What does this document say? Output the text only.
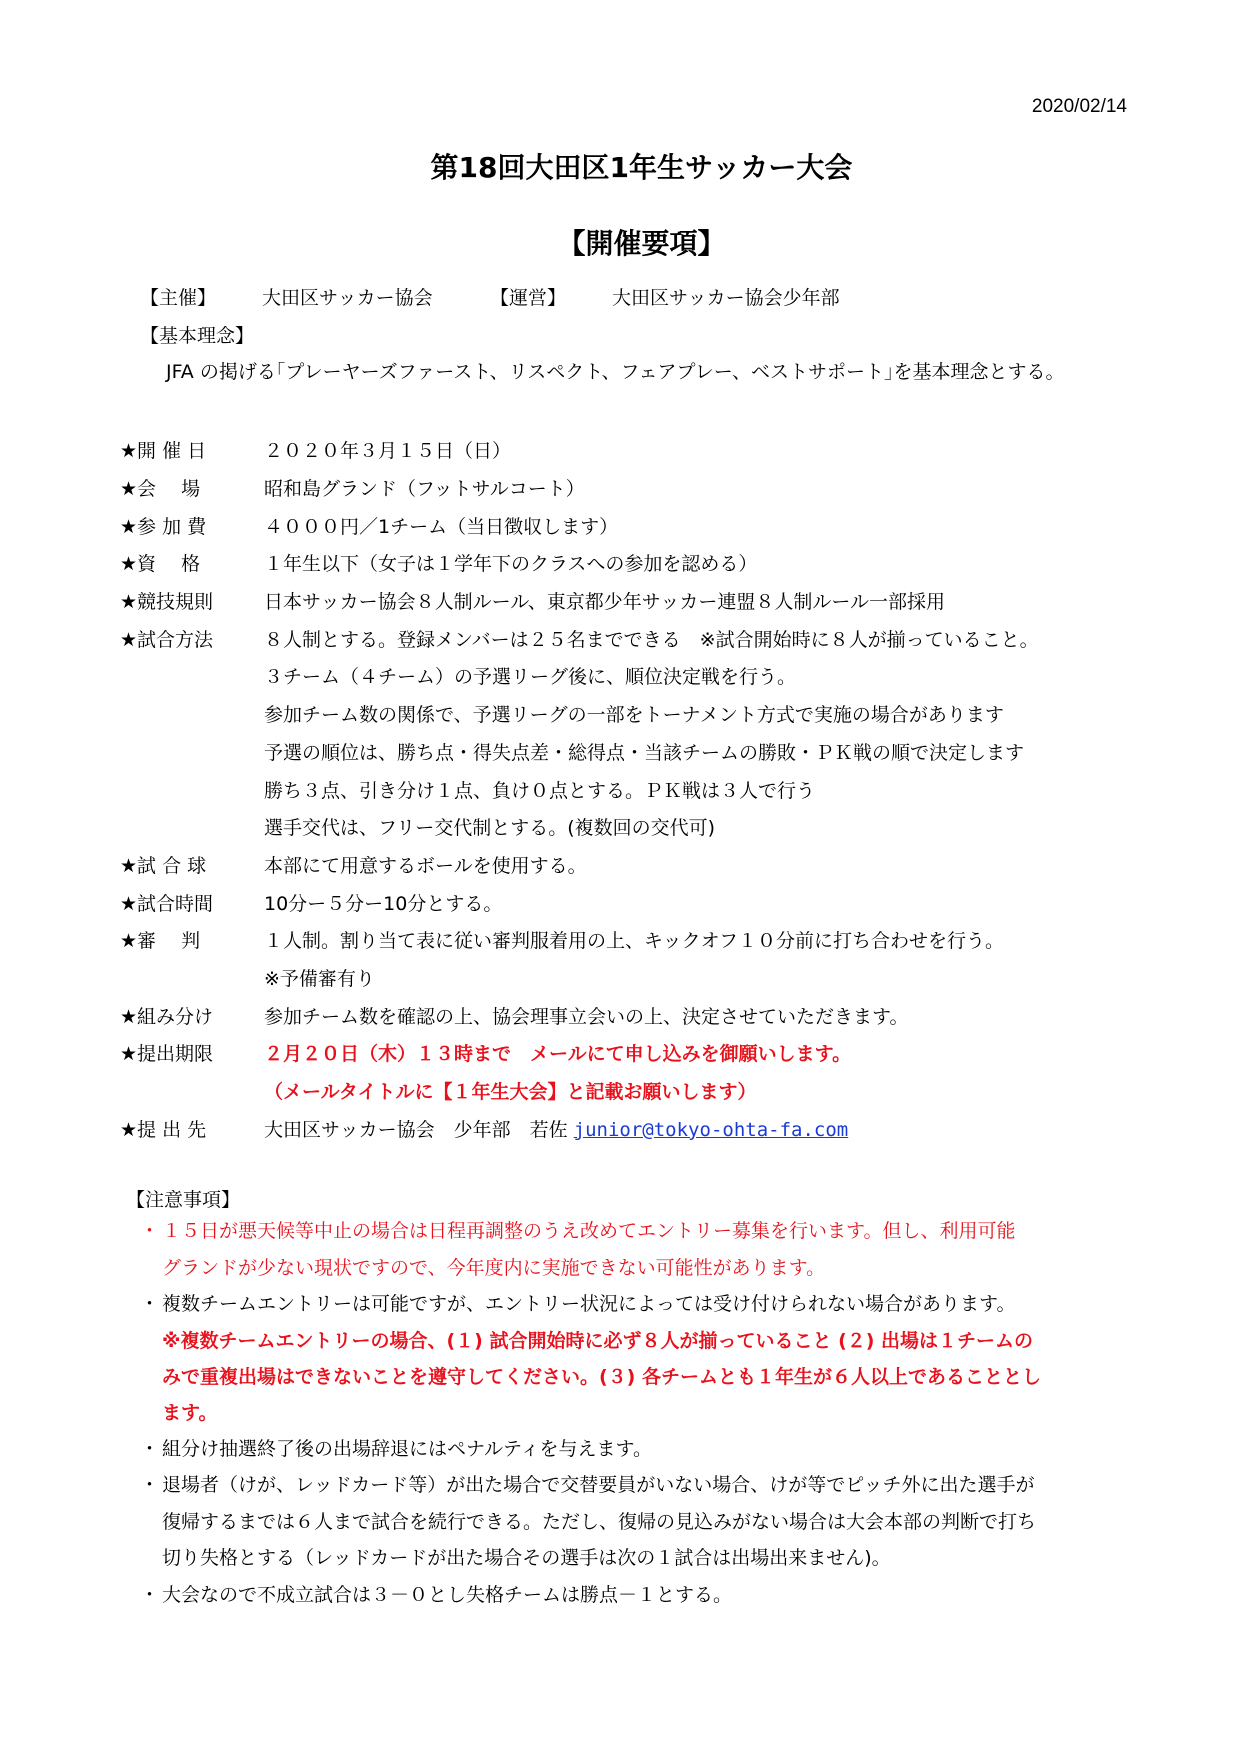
2020/02/14
第18回大田区1年生サッカー大会
【開催要項】
【主催】 大田区サッカー協会	【運営】 大田区サッカー協会少年部
【基本理念】
JFA の掲げる｢プレーヤーズファースト、リスペクト、フェアプレー、ベストサポート｣を基本理念とする。
★開 催 日	２０２０年３月１５日（日）
★会 　場	昭和島グランド（フットサルコート）
★参 加 費	４０００円／1チーム（当日徴収します）
★資 　格	１年生以下（女子は１学年下のクラスへの参加を認める）
★競技規則	日本サッカー協会８人制ルール、東京都少年サッカー連盟８人制ルール一部採用
★試合方法	８人制とする。登録メンバーは２５名までできる　※試合開始時に８人が揃っていること。
３チーム（４チーム）の予選リーグ後に、順位決定戦を行う。
参加チーム数の関係で、予選リーグの一部をトーナメント方式で実施の場合があります
予選の順位は、勝ち点・得失点差・総得点・当該チームの勝敗・ＰＫ戦の順で決定します
勝ち３点、引き分け１点、負け０点とする。ＰＫ戦は３人で行う
選手交代は、フリー交代制とする。(複数回の交代可)
★試 合 球	本部にて用意するボールを使用する。
★試合時間	10分ー５分ー10分とする。
★審 　判	１人制。割り当て表に従い審判服着用の上、キックオフ１０分前に打ち合わせを行う。
※予備審有り
★組み分け	参加チーム数を確認の上、協会理事立会いの上、決定させていただきます。
★提出期限	２月２０日（木）１３時まで　メールにて申し込みを御願いします。
（メールタイトルに【１年生大会】と記載お願いします）
★提 出 先	大田区サッカー協会　少年部　若佐 junior@tokyo-ohta-fa.com
【注意事項】
・ １５日が悪天候等中止の場合は日程再調整のうえ改めてエントリー募集を行います。但し、利用可能
グランドが少ない現状ですので、今年度内に実施できない可能性があります。
・ 複数チームエントリーは可能ですが、エントリー状況によっては受け付けられない場合があります。
※複数チームエントリーの場合、(１) 試合開始時に必ず８人が揃っていること (２) 出場は１チームの
みで重複出場はできないことを遵守してください。(３) 各チームとも１年生が６人以上であることとし
ます。
・ 組分け抽選終了後の出場辞退にはペナルティを与えます。
・ 退場者（けが、レッドカード等）が出た場合で交替要員がいない場合、けが等でピッチ外に出た選手が
復帰するまでは６人まで試合を続行できる。ただし、復帰の見込みがない場合は大会本部の判断で打ち
切り失格とする（レッドカードが出た場合その選手は次の１試合は出場出来ません)。
・ 大会なので不成立試合は３－０とし失格チームは勝点－１とする。
